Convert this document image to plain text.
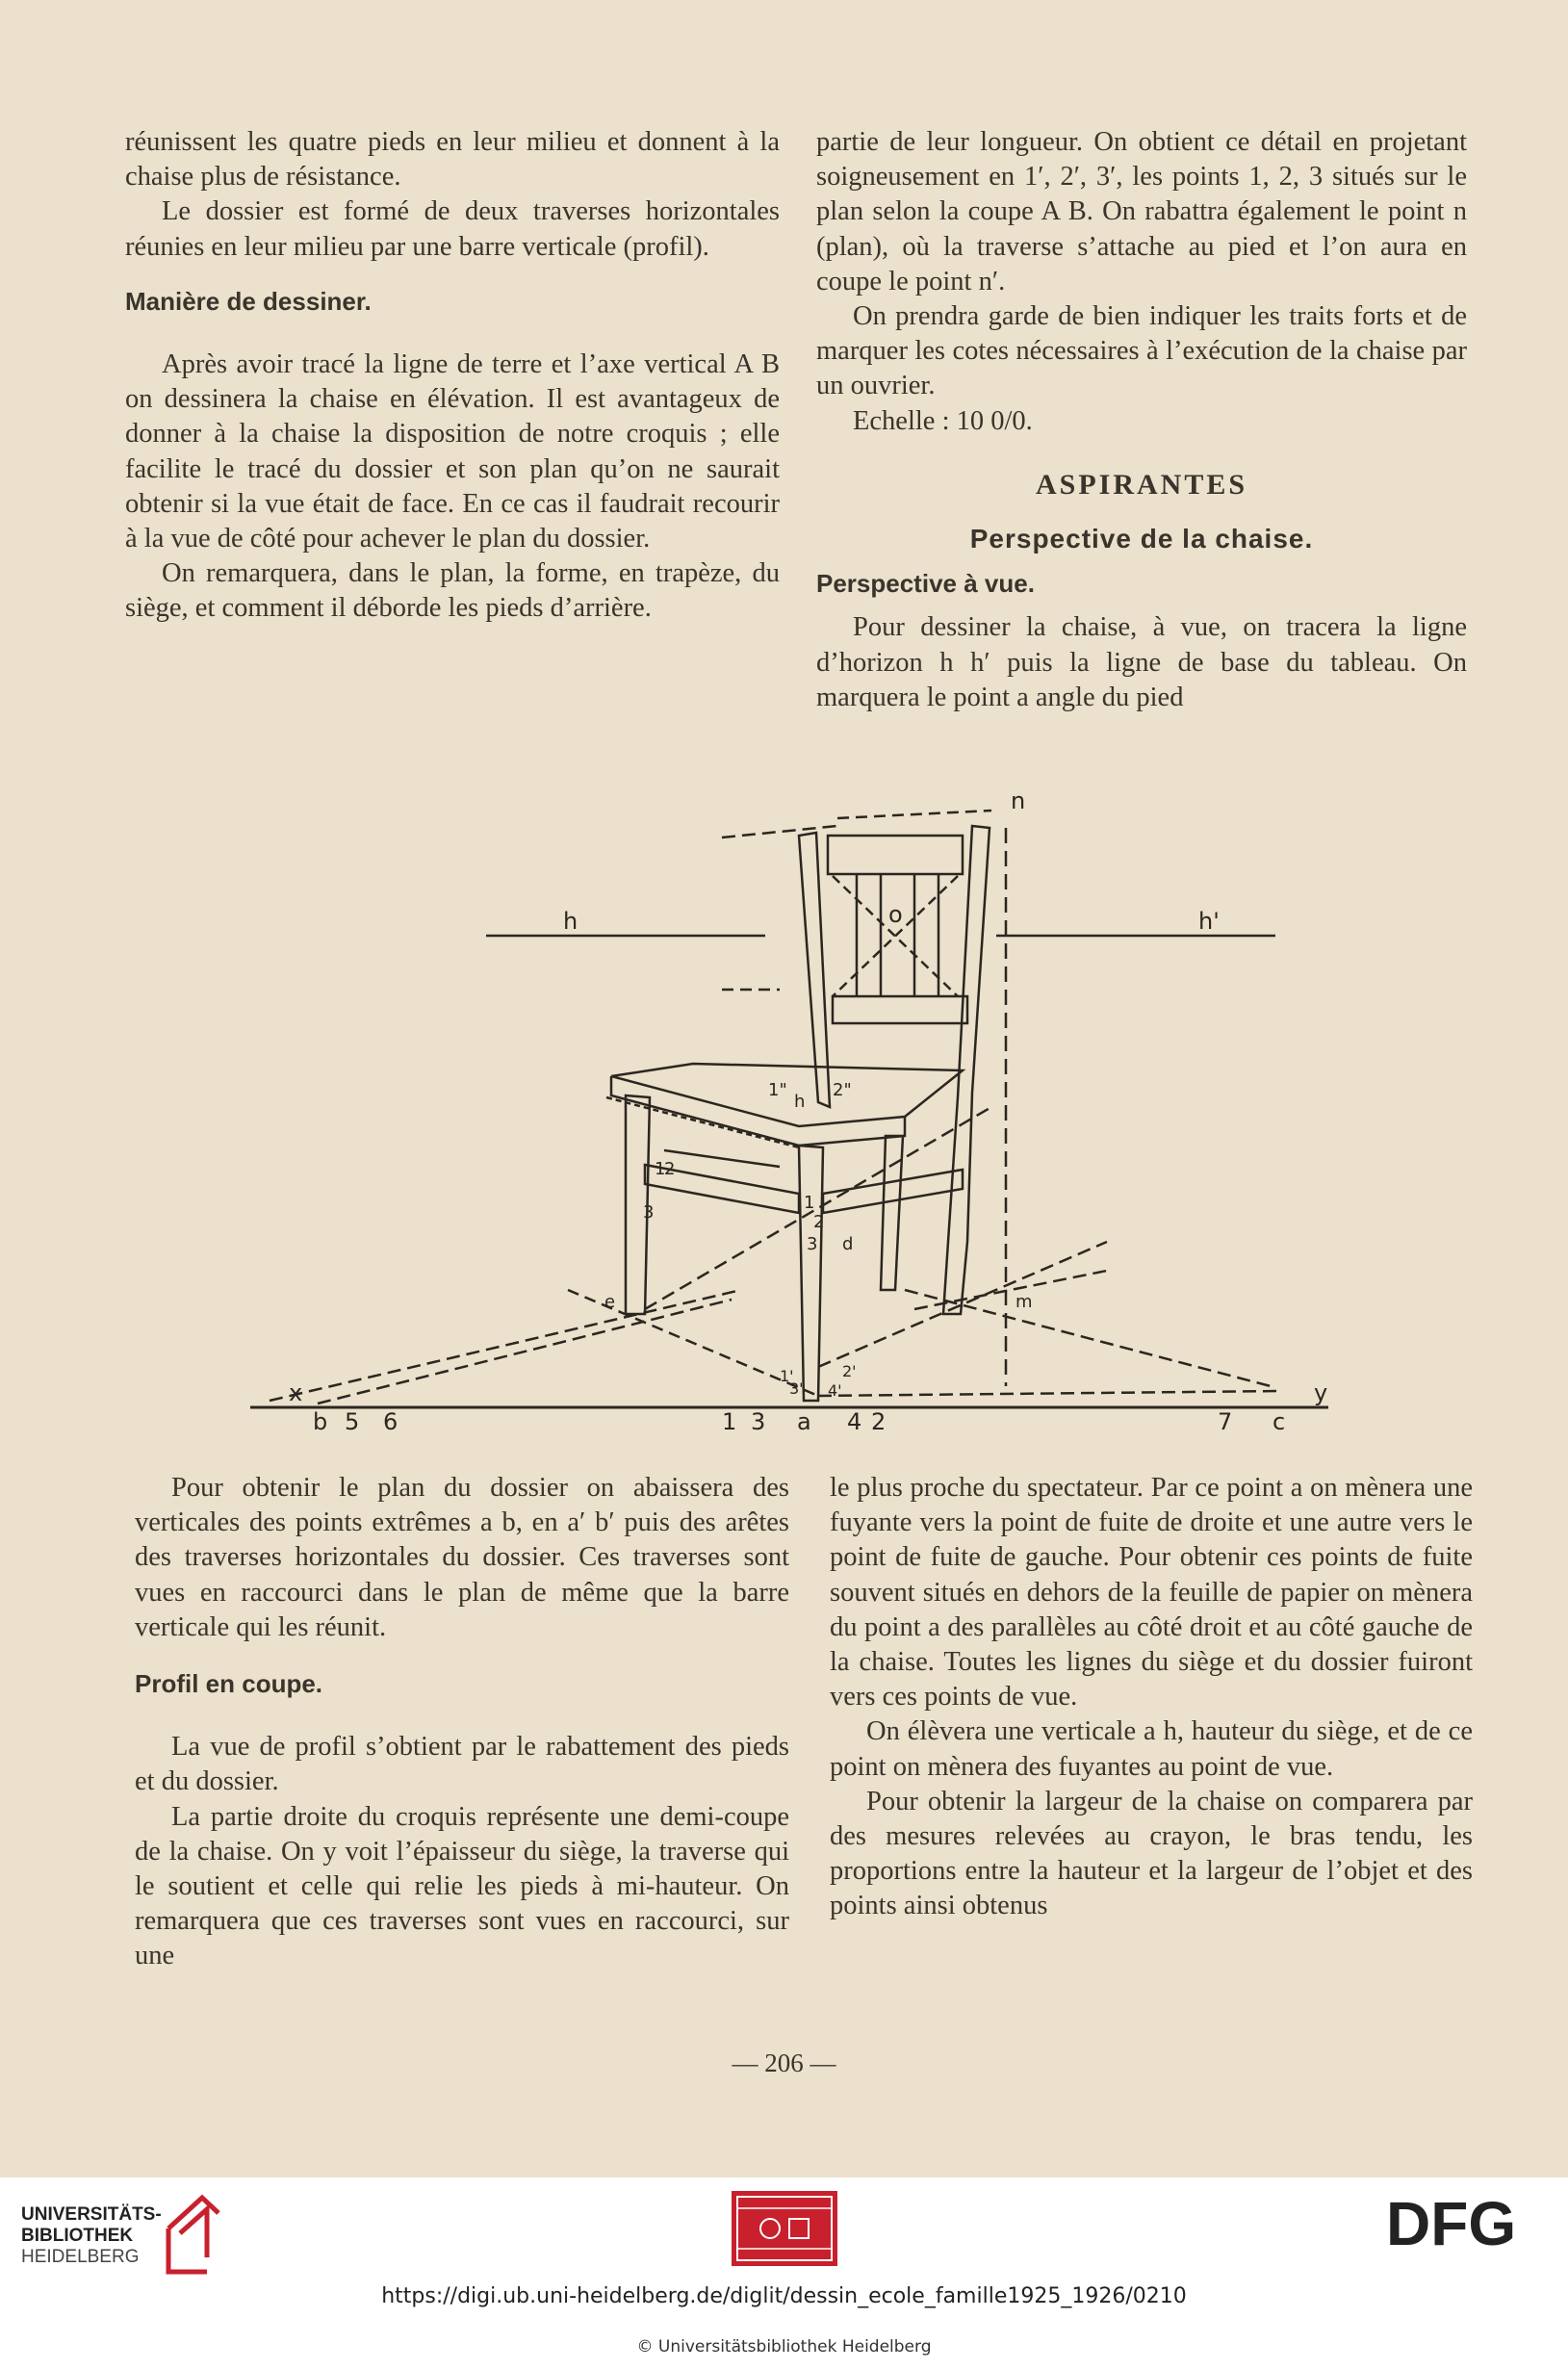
réunissent les quatre pieds en leur milieu et donnent à la chaise plus de résistance.

Le dossier est formé de deux traverses horizontales réunies en leur milieu par une barre verticale (profil).

Manière de dessiner.

Après avoir tracé la ligne de terre et l’axe vertical A B on dessinera la chaise en élévation. Il est avantageux de donner à la chaise la disposition de notre croquis ; elle facilite le tracé du dossier et son plan qu’on ne saurait obtenir si la vue était de face. En ce cas il faudrait recourir à la vue de côté pour achever le plan du dossier.

On remarquera, dans le plan, la forme, en trapèze, du siège, et comment il déborde les pieds d’arrière.

partie de leur longueur. On obtient ce détail en projetant soigneusement en 1′, 2′, 3′, les points 1, 2, 3 situés sur le plan selon la coupe A B. On rabattra également le point n (plan), où la traverse s’attache au pied et l’on aura en coupe le point n′.

On prendra garde de bien indiquer les traits forts et de marquer les cotes nécessaires à l’exécution de la chaise par un ouvrier.

Echelle : 10 0/0.

ASPIRANTES

Perspective de la chaise.

Perspective à vue.

Pour dessiner la chaise, à vue, on tracera la ligne d’horizon h h′ puis la ligne de base du tableau. On marquera le point a angle du pied

h	h'
n
o
x	y
b 5 6	1 3 a 4 2	7 c
1"
h
2"
1
2
3	1
2
3 d
e	m
1'
3'
2'
4'

Pour obtenir le plan du dossier on abaissera des verticales des points extrêmes a b, en a′ b′ puis des arêtes des traverses horizontales du dossier. Ces traverses sont vues en raccourci dans le plan de même que la barre verticale qui les réunit.

Profil en coupe.

La vue de profil s’obtient par le rabattement des pieds et du dossier.

La partie droite du croquis représente une demi-coupe de la chaise. On y voit l’épaisseur du siège, la traverse qui le soutient et celle qui relie les pieds à mi-hauteur. On remarquera que ces traverses sont vues en raccourci, sur une

le plus proche du spectateur. Par ce point a on mènera une fuyante vers la point de fuite de droite et une autre vers le point de fuite de gauche. Pour obtenir ces points de fuite souvent situés en dehors de la feuille de papier on mènera du point a des parallèles au côté droit et au côté gauche de la chaise. Toutes les lignes du siège et du dossier fuiront vers ces points de vue.

On élèvera une verticale a h, hauteur du siège, et de ce point on mènera des fuyantes au point de vue.

Pour obtenir la largeur de la chaise on comparera par des mesures relevées au crayon, le bras tendu, les proportions entre la hauteur et la largeur de l’objet et des points ainsi obtenus

— 206 —
UNIVERSITÄTS-
BIBLIOTHEK
HEIDELBERG	DFG
https://digi.ub.uni-heidelberg.de/diglit/dessin_ecole_famille1925_1926/0210
© Universitätsbibliothek Heidelberg
